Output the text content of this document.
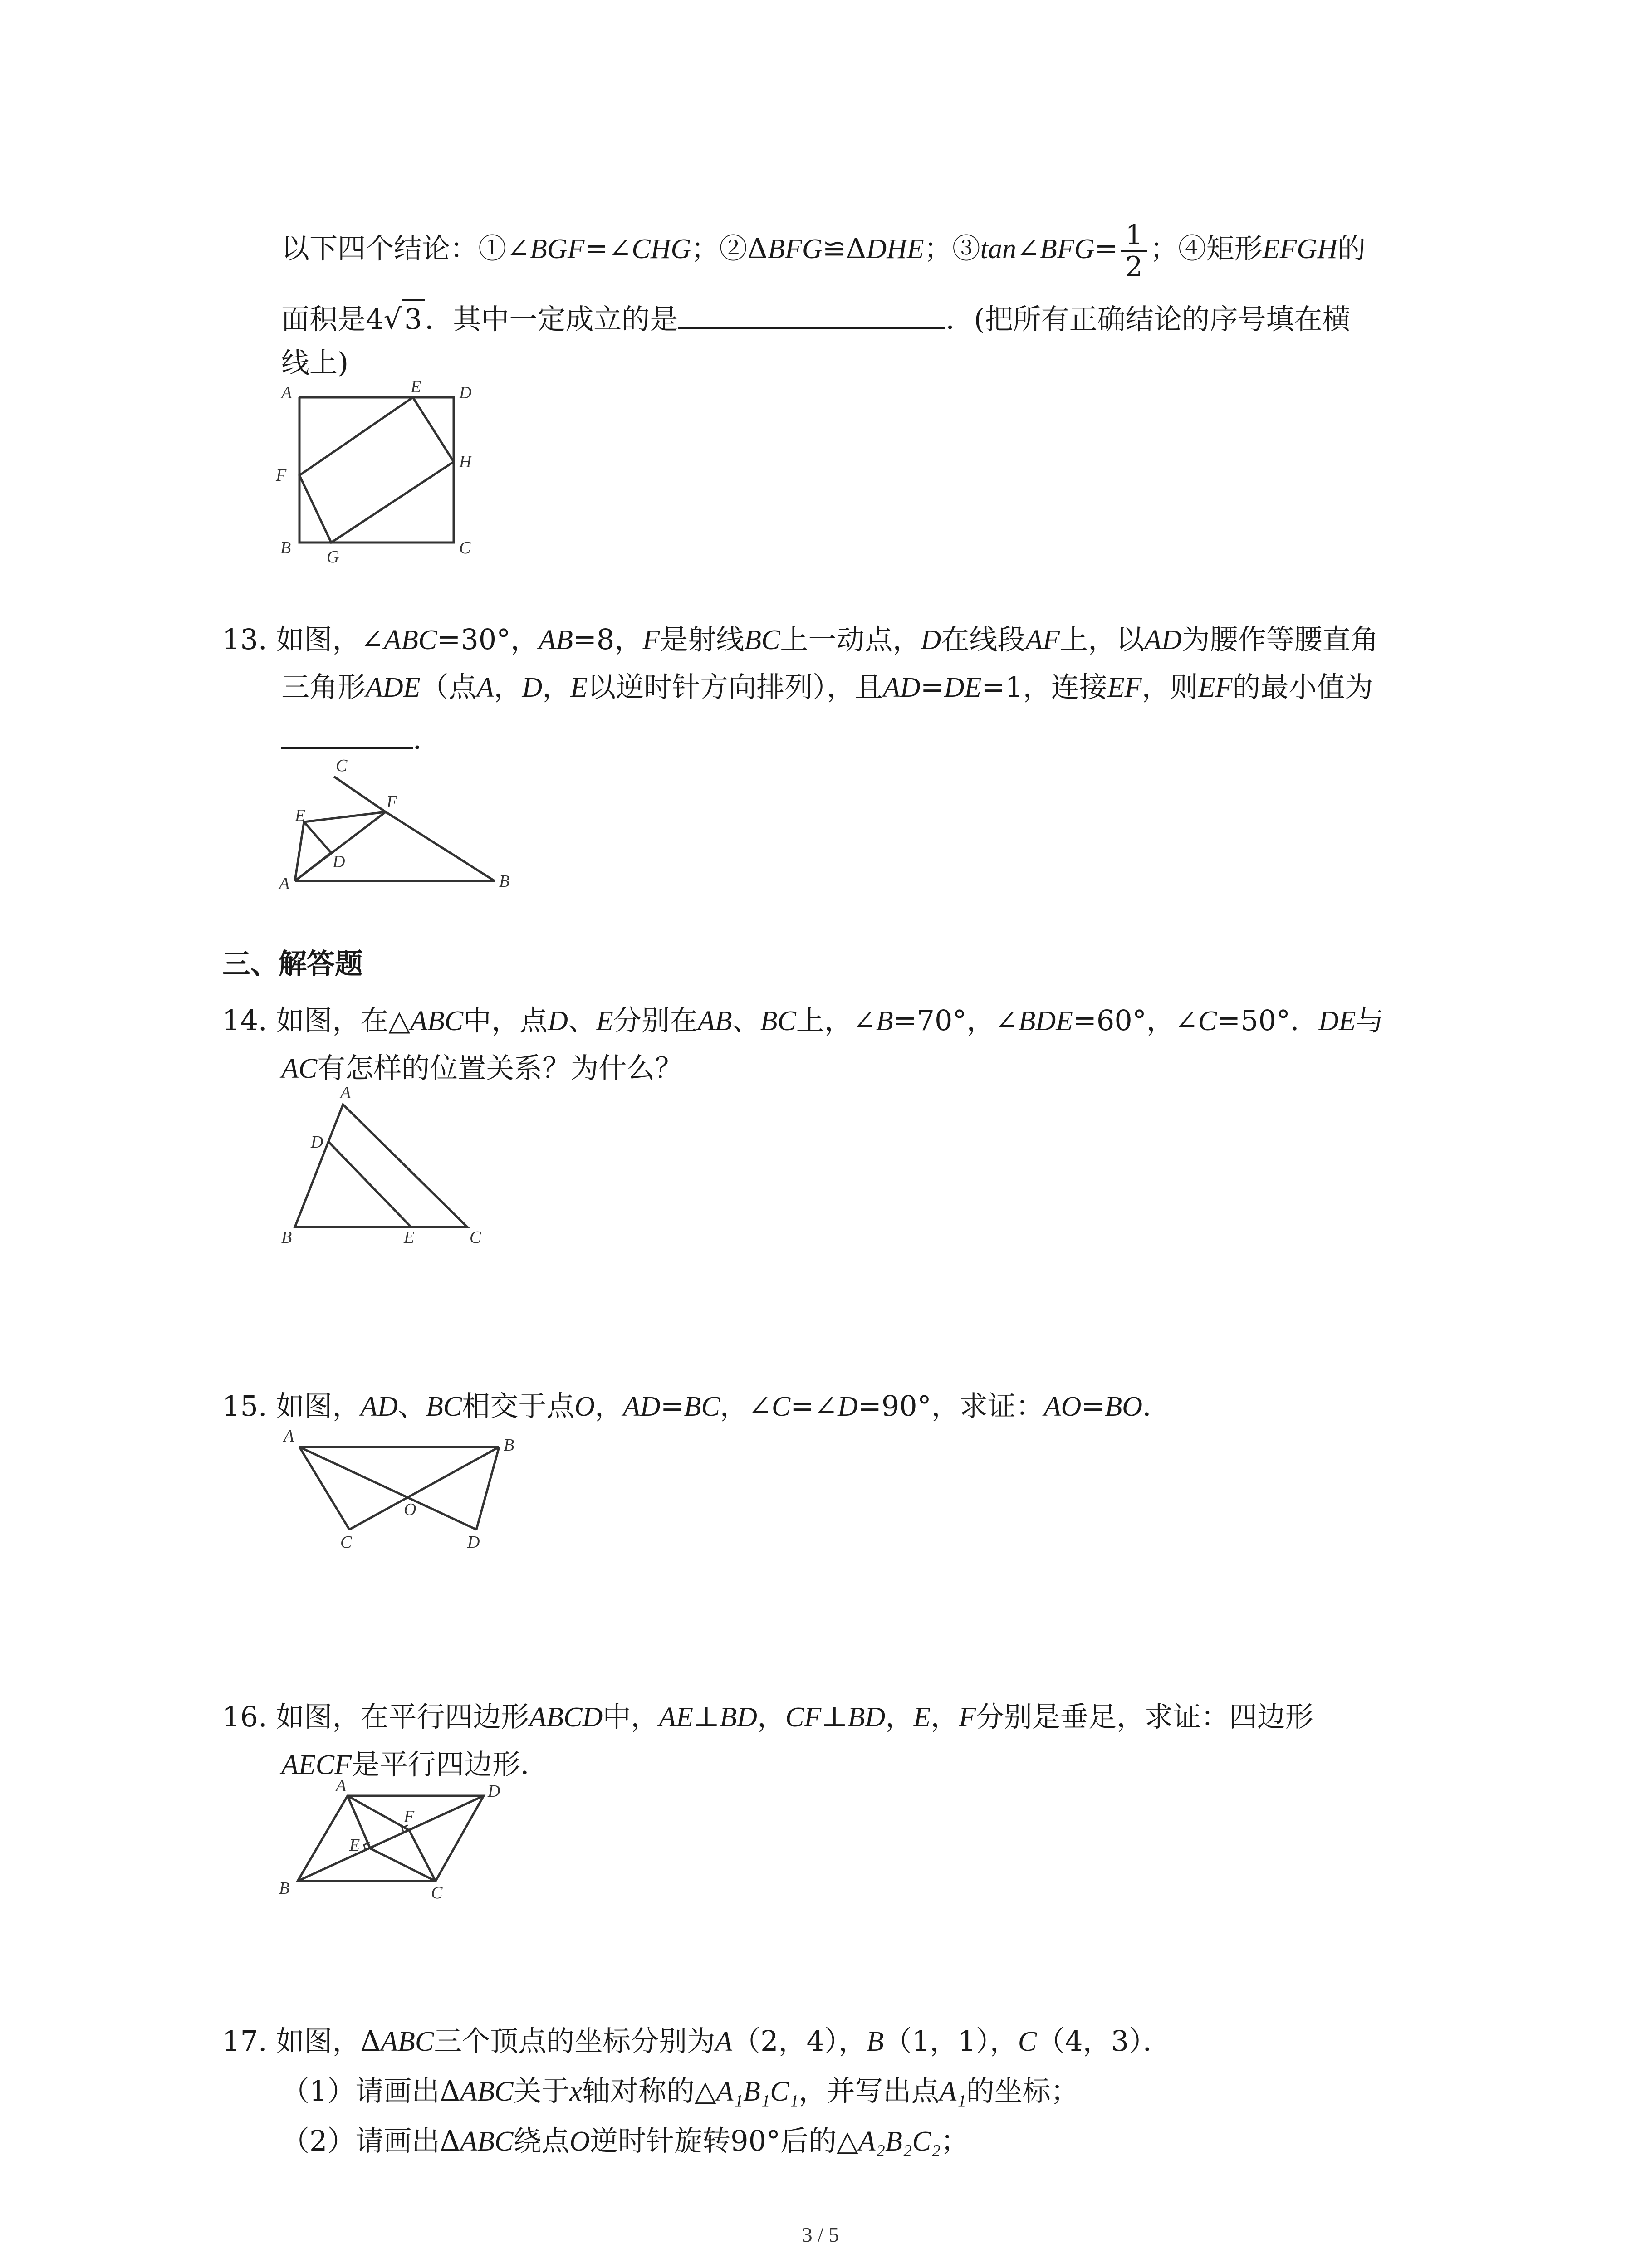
以下四个结论：①∠BGF=∠CHG；②ΔBFG≌ΔDHE；③tan∠BFG= $\frac{1}{2}$ ；④矩形EFGH的
面积是4√3．其中一定成立的是	．(把所有正确结论的序号填在横
线上)
A	E D
F
H
B G	C
13. 如图，∠ABC=30°，AB=8，F是射线BC上一动点，D在线段AF上，以AD为腰作等腰直角
三角形ADE（点A，D，E以逆时针方向排列），且AD=DE=1，连接EF，则EF的最小值为
．
C
E
F
D
A	B
三、解答题
14. 如图，在△ABC中，点D、E分别在AB、BC上，∠B=70°，∠BDE=60°，∠C=50°．DE与
AC有怎样的位置关系？为什么？
A
D
B	E	C
15. 如图，AD、BC相交于点O，AD=BC，∠C=∠D=90°，求证：AO=BO．
A	B
O
C	D
16. 如图，在平行四边形ABCD中，AE⊥BD，CF⊥BD，E，F分别是垂足，求证：四边形
AECF是平行四边形．
A	D
F
E
B	C
17. 如图，ΔABC三个顶点的坐标分别为A（2，4），B（1，1），C（4，3）．
（1）请画出ΔABC关于x轴对称的△A₁B₁C₁，并写出点A₁的坐标；
（2）请画出ΔABC绕点O逆时针旋转90°后的△A₂B₂C₂；
3 / 5
